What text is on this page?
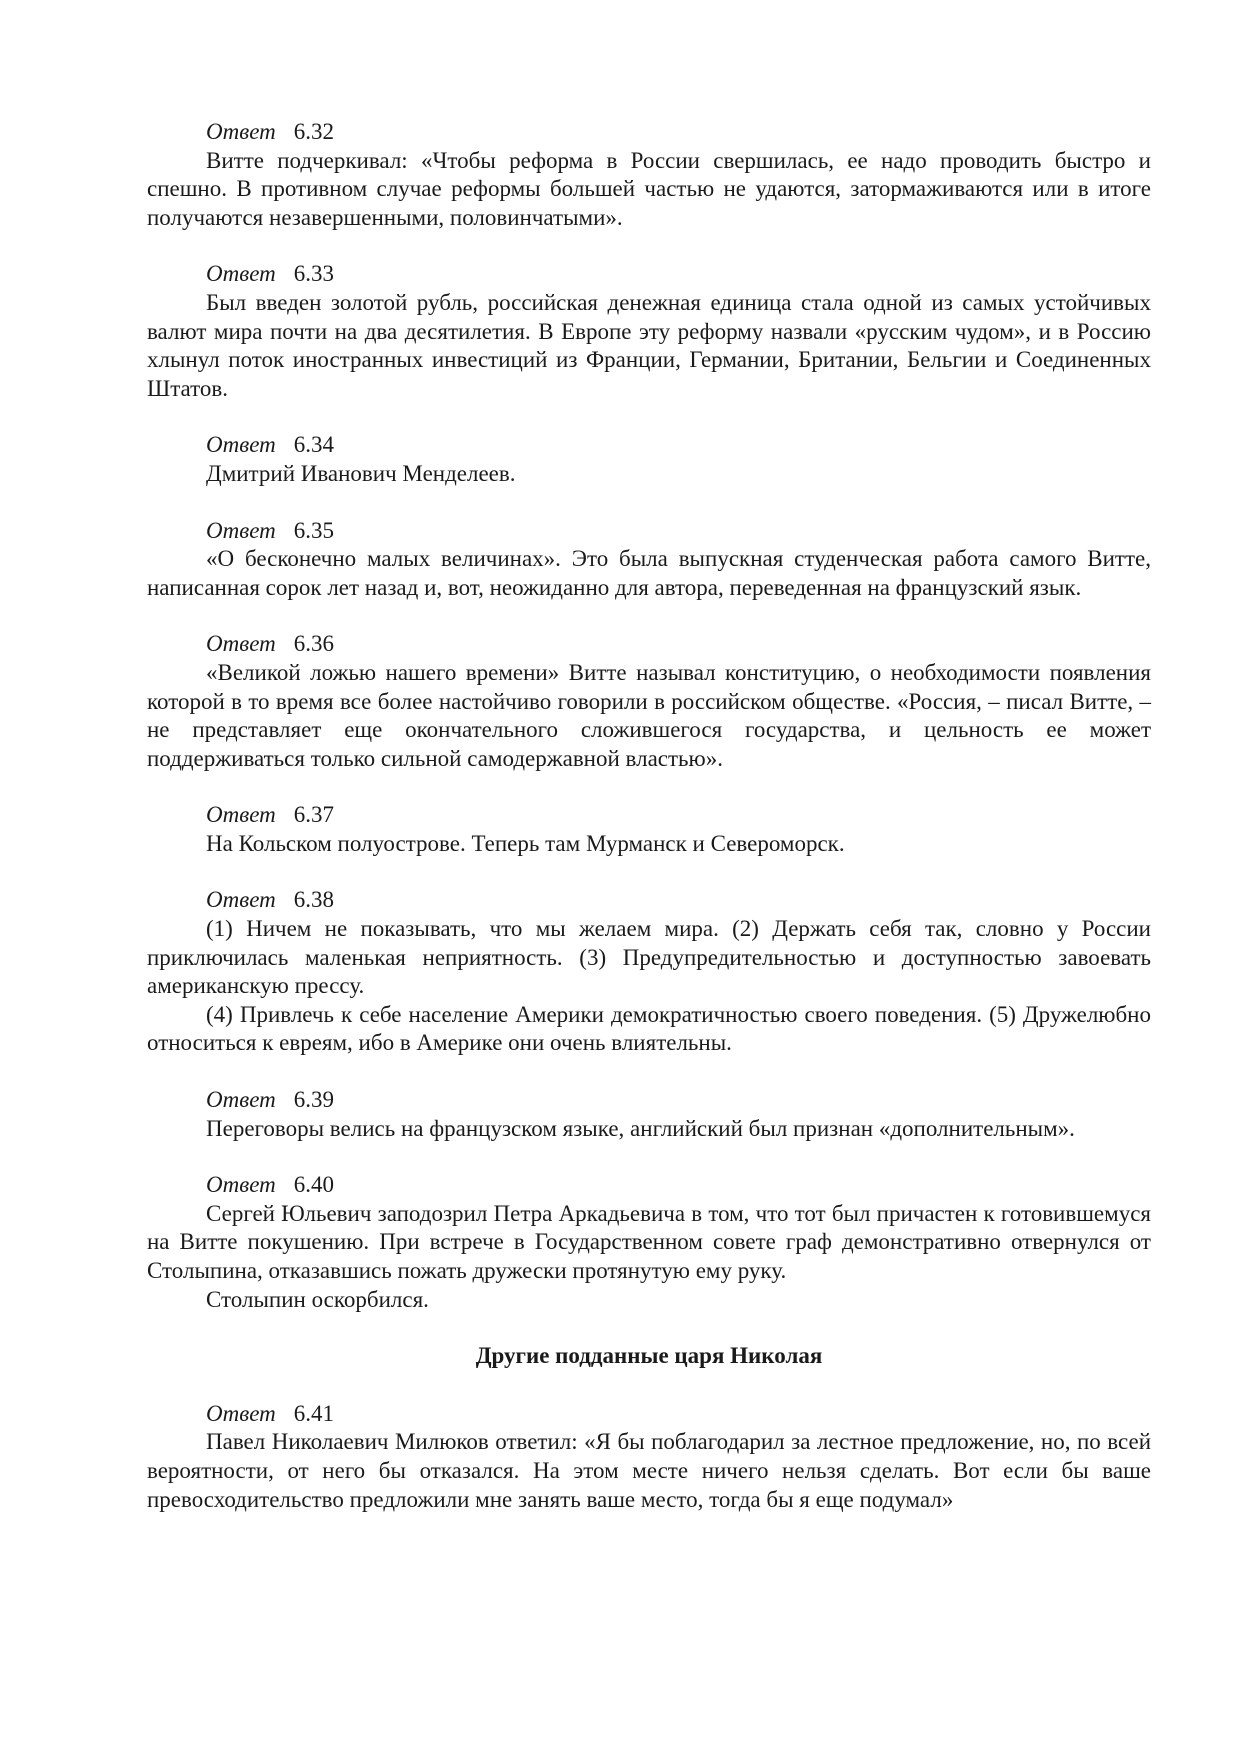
Ответ 6.32

Витте подчеркивал: «Чтобы реформа в России свершилась, ее надо проводить быстро и спешно. В противном случае реформы большей частью не удаются, затормаживаются или в итоге получаются незавершенными, половинчатыми».

Ответ 6.33

Был введен золотой рубль, российская денежная единица стала одной из самых устойчивых валют мира почти на два десятилетия. В Европе эту реформу назвали «русским чудом», и в Россию хлынул поток иностранных инвестиций из Франции, Германии, Британии, Бельгии и Соединенных Штатов.

Ответ 6.34

Дмитрий Иванович Менделеев.

Ответ 6.35

«О бесконечно малых величинах». Это была выпускная студенческая работа самого Витте, написанная сорок лет назад и, вот, неожиданно для автора, переведенная на французский язык.

Ответ 6.36

«Великой ложью нашего времени» Витте называл конституцию, о необходимости появления которой в то время все более настойчиво говорили в российском обществе. «Россия, – писал Витте, – не представляет еще окончательного сложившегося государства, и цельность ее может поддерживаться только сильной самодержавной властью».

Ответ 6.37

На Кольском полуострове. Теперь там Мурманск и Североморск.

Ответ 6.38

(1) Ничем не показывать, что мы желаем мира. (2) Держать себя так, словно у России приключилась маленькая неприятность. (3) Предупредительностью и доступностью завоевать американскую прессу.

(4) Привлечь к себе население Америки демократичностью своего поведения. (5) Дружелюбно относиться к евреям, ибо в Америке они очень влиятельны.

Ответ 6.39

Переговоры велись на французском языке, английский был признан «дополнительным».

Ответ 6.40

Сергей Юльевич заподозрил Петра Аркадьевича в том, что тот был причастен к готовившемуся на Витте покушению. При встрече в Государственном совете граф демонстративно отвернулся от Столыпина, отказавшись пожать дружески протянутую ему руку.

Столыпин оскорбился.

Другие подданные царя Николая
Ответ 6.41

Павел Николаевич Милюков ответил: «Я бы поблагодарил за лестное предложение, но, по всей вероятности, от него бы отказался. На этом месте ничего нельзя сделать. Вот если бы ваше превосходительство предложили мне занять ваше место, тогда бы я еще подумал»
